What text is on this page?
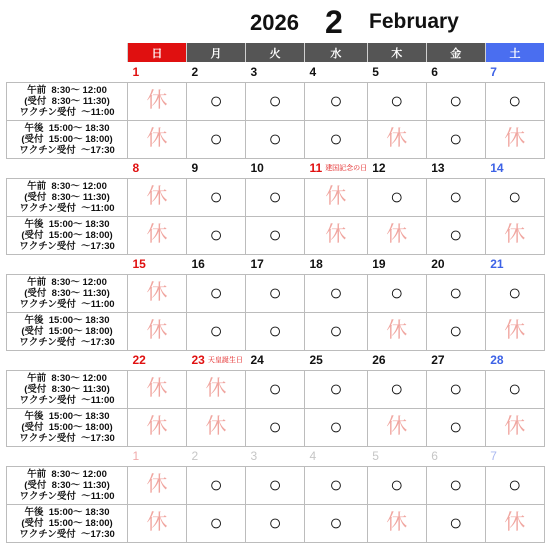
2026 2 February
	日	月	火	水	木	金	土
	1	2	3	4	5	6	7
午前  8:30～ 12:00
(受付  8:30～ 11:30)
ワクチン受付  ～11:00	休	○	○	○	○	○	○
午後  15:00～ 18:30
(受付  15:00～ 18:00)
ワクチン受付  ～17:30	休	○	○	○	休	○	休
	8	9	10	11 建国記念の日	12	13	14
午前  8:30～ 12:00
(受付  8:30～ 11:30)
ワクチン受付  ～11:00	休	○	○	休	○	○	○
午後  15:00～ 18:30
(受付  15:00～ 18:00)
ワクチン受付  ～17:30	休	○	○	休	休	○	休
	15	16	17	18	19	20	21
午前  8:30～ 12:00
(受付  8:30～ 11:30)
ワクチン受付  ～11:00	休	○	○	○	○	○	○
午後  15:00～ 18:30
(受付  15:00～ 18:00)
ワクチン受付  ～17:30	休	○	○	○	休	○	休
	22	23 天皇誕生日	24	25	26	27	28
午前  8:30～ 12:00
(受付  8:30～ 11:30)
ワクチン受付  ～11:00	休	休	○	○	○	○	○
午後  15:00～ 18:30
(受付  15:00～ 18:00)
ワクチン受付  ～17:30	休	休	○	○	休	○	休
	1	2	3	4	5	6	7
午前  8:30～ 12:00
(受付  8:30～ 11:30)
ワクチン受付  ～11:00	休	○	○	○	○	○	○
午後  15:00～ 18:30
(受付  15:00～ 18:00)
ワクチン受付  ～17:30	休	○	○	○	休	○	休
